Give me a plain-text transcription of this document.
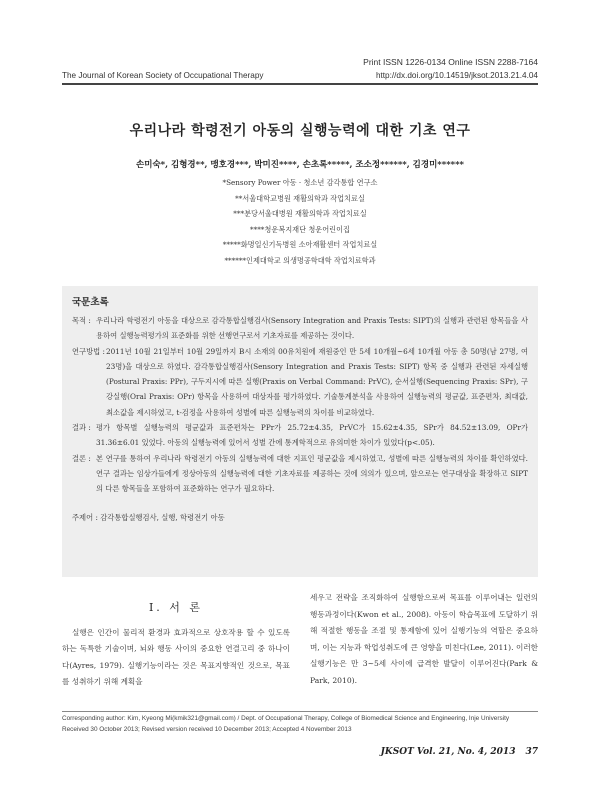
Print ISSN 1226-0134 Online ISSN 2288-7164
The Journal of Korean Society of Occupational Therapy	http://dx.doi.org/10.14519/jksot.2013.21.4.04
우리나라 학령전기 아동의 실행능력에 대한 기초 연구
손미숙*, 김형경**, 맹호경***, 박미진****, 손초록*****, 조소정******, 김경미******
*Sensory Power 아동 · 청소년 감각통합 연구소
**서울대학교병원 재활의학과 작업치료실
***분당서울대병원 재활의학과 작업치료실
****청운복지재단 청운어린이집
*****화명일신기독병원 소아재활센터 작업치료실
******인제대학교 의생명공학대학 작업치료학과
국문초록

목적 : 우리나라 학령전기 아동을 대상으로 감각통합실행검사(Sensory Integration and Praxis Tests: SIPT)의 실행과 관련된 항목들을 사용하여 실행능력평가의 표준화를 위한 선행연구로서 기초자료를 제공하는 것이다.

연구방법 :2011년 10월 21일부터 10월 29일까지 B시 소재의 00유치원에 재원중인 만 5세 10개월~6세 10개월 아동 총 50명(남 27명, 여 23명)을 대상으로 하였다. 감각통합실행검사(Sensory Integration and Praxis Tests: SIPT) 항목 중 실행과 관련된 자세실행(Postural Praxis: PPr), 구두지시에 따른 실행(Praxis on Verbal Command: PrVC), 순서실행(Sequencing Praxis: SPr), 구강실행(Oral Praxis: OPr) 항목을 사용하여 대상자를 평가하였다. 기술통계분석을 사용하여 실행능력의 평균값, 표준편차, 최대값, 최소값을 제시하였고, t-검정을 사용하여 성별에 따른 실행능력의 차이를 비교하였다.

결과 : 평가 항목별 실행능력의 평균값과 표준편차는 PPr가 25.72±4.35, PrVC가 15.62±4.35, SPr가 84.52±13.09, OPr가 31.36±6.01 있었다. 아동의 실행능력에 있어서 성별 간에 통계학적으로 유의미한 차이가 있었다(p<.05).

결론 : 본 연구를 통하여 우리나라 학령전기 아동의 실행능력에 대한 지표인 평균값을 제시하였고, 성별에 따른 실행능력의 차이를 확인하였다. 연구 결과는 임상가들에게 정상아동의 실행능력에 대한 기초자료를 제공하는 것에 의의가 있으며, 앞으로는 연구대상을 확장하고 SIPT의 다른 항목들을 포함하여 표준화하는 연구가 필요하다.

주제어 : 감각통합실행검사, 실행, 학령전기 아동
Ⅰ. 서 론

실행은 인간이 물리적 환경과 효과적으로 상호작용 할 수 있도록 하는 독특한 기술이며, 뇌와 행동 사이의 중요한 연결고리 중 하나이다(Ayres, 1979). 실행기능이라는 것은 목표지향적인 것으로, 목표를 성취하기 위해 계획을

세우고 전략을 조직화하여 실행함으로써 목표를 이루어내는 일련의 행동과정이다(Kwon et al., 2008). 아동이 학습목표에 도달하기 위해 적절한 행동을 조절 및 통제함에 있어 실행기능의 역할은 중요하며, 이는 지능과 학업성취도에 큰 영향을 미친다(Lee, 2011). 이러한 실행기능은 만 3~5세 사이에 급격한 발달이 이루어진다(Park & Park, 2010).

Corresponding author: Kim, Kyeong Mi(kmik321@gmail.com) / Dept. of Occupational Therapy, College of Biomedical Science and Engineering, Inje University
Received 30 October 2013; Revised version received 10 December 2013; Accepted 4 November 2013
JKSOT Vol. 21, No. 4, 2013 37
